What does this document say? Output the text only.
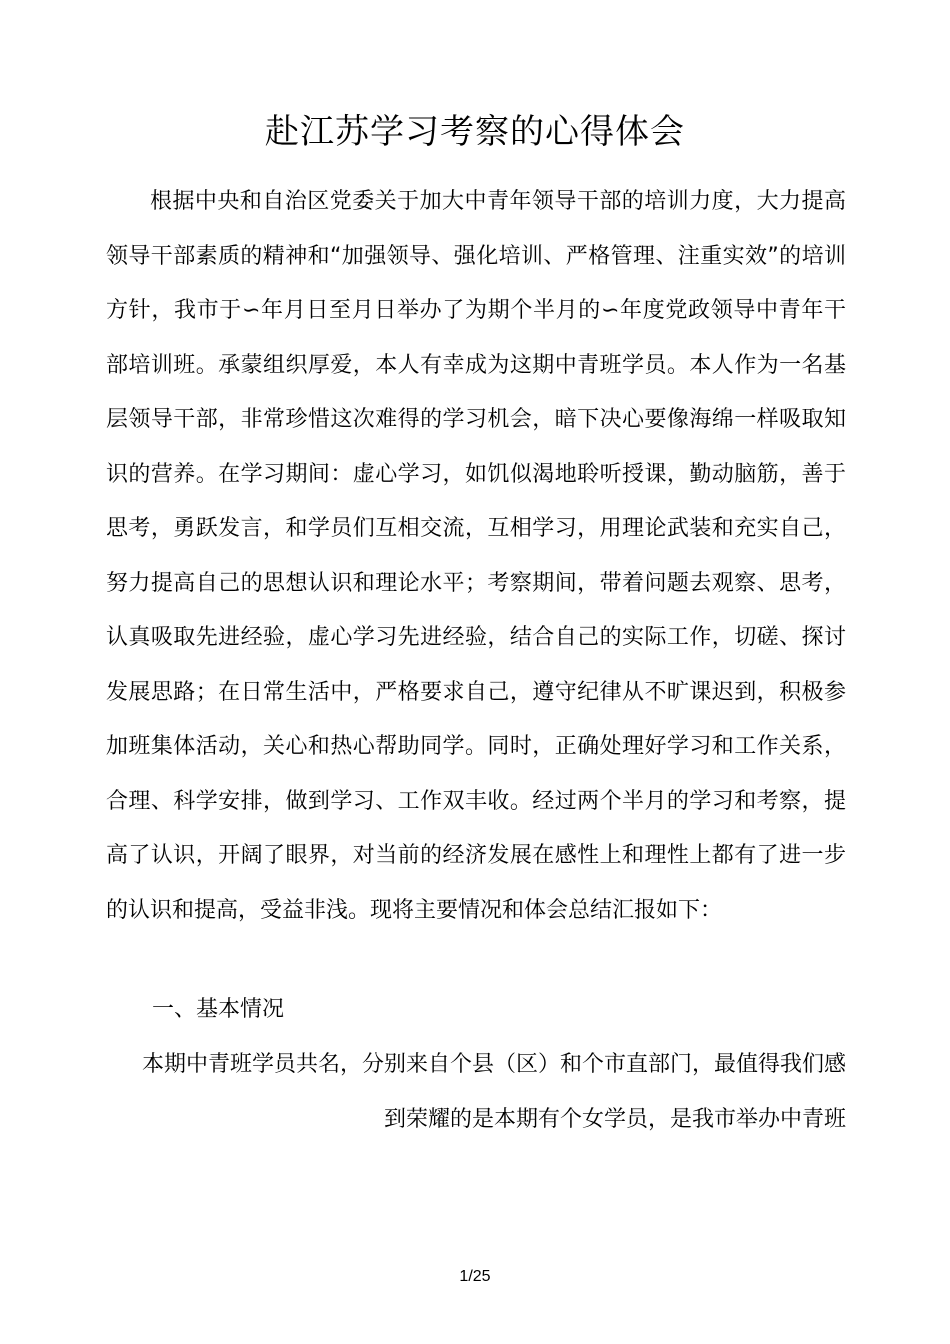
赴江苏学习考察的心得体会

根据中央和自治区党委关于加大中青年领导干部的培训力度，大力提高领导干部素质的精神和“加强领导、强化培训、严格管理、注重实效”的培训方针，我市于∽年月日至月日举办了为期个半月的∽年度党政领导中青年干部培训班。承蒙组织厚爱，本人有幸成为这期中青班学员。本人作为一名基层领导干部，非常珍惜这次难得的学习机会，暗下决心要像海绵一样吸取知识的营养。在学习期间：虚心学习，如饥似渴地聆听授课，勤动脑筋，善于思考，勇跃发言，和学员们互相交流，互相学习，用理论武装和充实自己，努力提高自己的思想认识和理论水平；考察期间，带着问题去观察、思考，认真吸取先进经验，虚心学习先进经验，结合自己的实际工作，切磋、探讨发展思路；在日常生活中，严格要求自己，遵守纪律从不旷课迟到，积极参加班集体活动，关心和热心帮助同学。同时，正确处理好学习和工作关系，合理、科学安排，做到学习、工作双丰收。经过两个半月的学习和考察，提高了认识，开阔了眼界，对当前的经济发展在感性上和理性上都有了进一步的认识和提高，受益非浅。现将主要情况和体会总结汇报如下：

一、基本情况

本期中青班学员共名，分别来自个县（区）和个市直部门，最值得我们感

到荣耀的是本期有个女学员，是我市举办中青班

1/25
